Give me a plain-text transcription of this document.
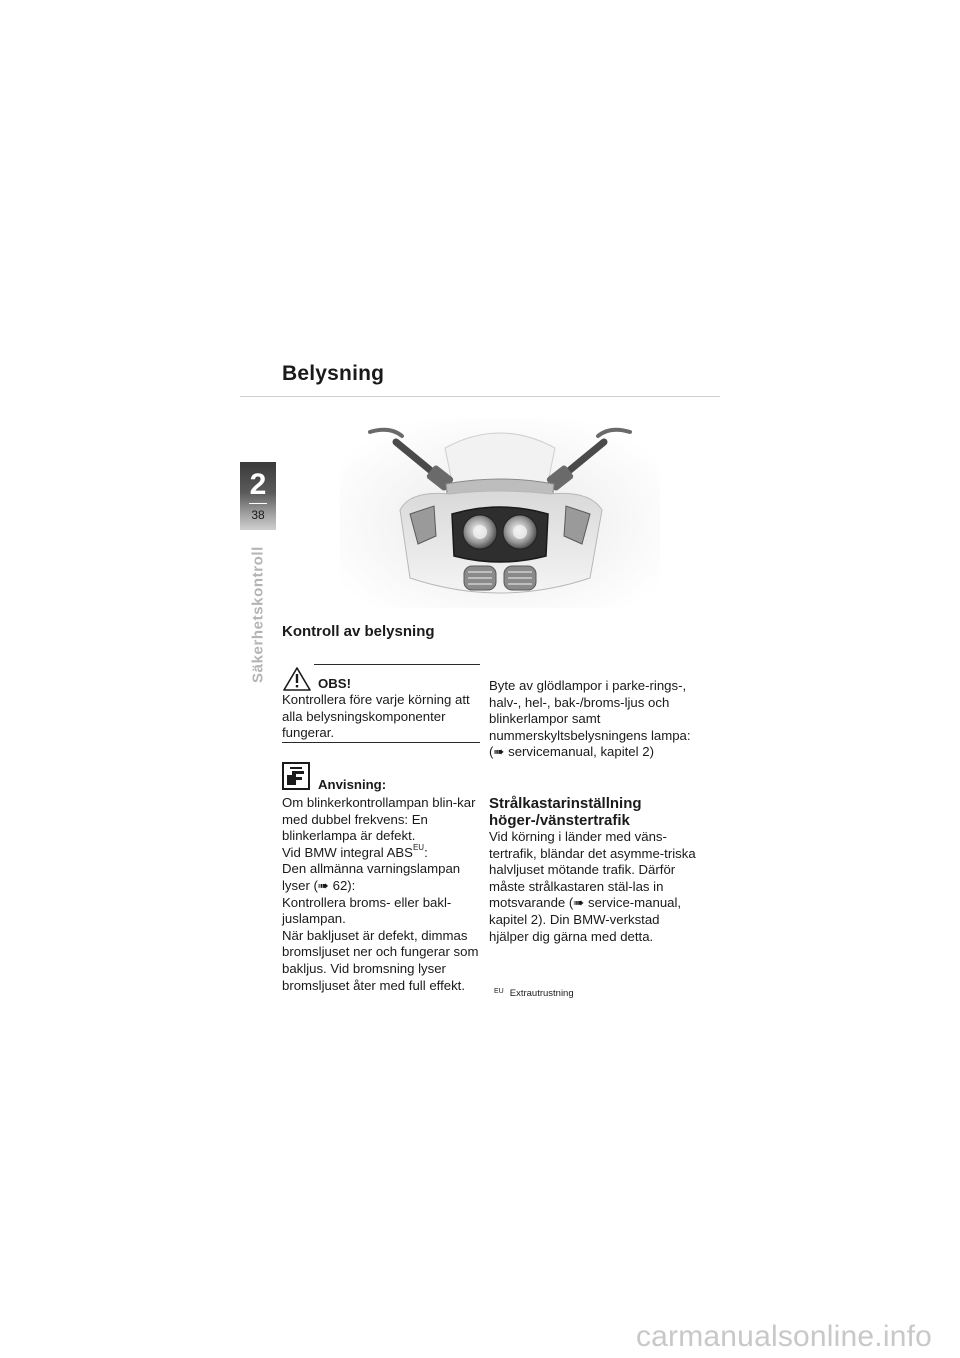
Belysning
2
38
Säkerhetskontroll Kontroll av belysning
OBS!
Kontrollera före varje körning att alla belysningskomponenter fungerar.
Anvisning:

Om blinkerkontrollampan blin-kar med dubbel frekvens: En blinkerlampa är defekt.

Vid BMW integral $ABS^{EU}$:

Den allmänna varningslampan lyser (➠ 62):

Kontrollera broms- eller bakl-juslampan.

När bakljuset är defekt, dimmas bromsljuset ner och fungerar som bakljus. Vid bromsning lyser bromsljuset åter med full effekt.

Byte av glödlampor i parke-rings-, halv-, hel-, bak-/broms-ljus och blinkerlampor samt nummerskyltsbelysningens lampa:

(➠ servicemanual, kapitel 2)

Strålkastarinställning
höger-/vänstertrafik

Vid körning i länder med väns-tertrafik, bländar det asymme-triska halvljuset mötande trafik. Därför måste strålkastaren stäl-las in motsvarande (➠ service-manual, kapitel 2). Din BMW-verkstad hjälper dig gärna med detta.

$^{EU}$ Extrautrustning
carmanualsonline.info
